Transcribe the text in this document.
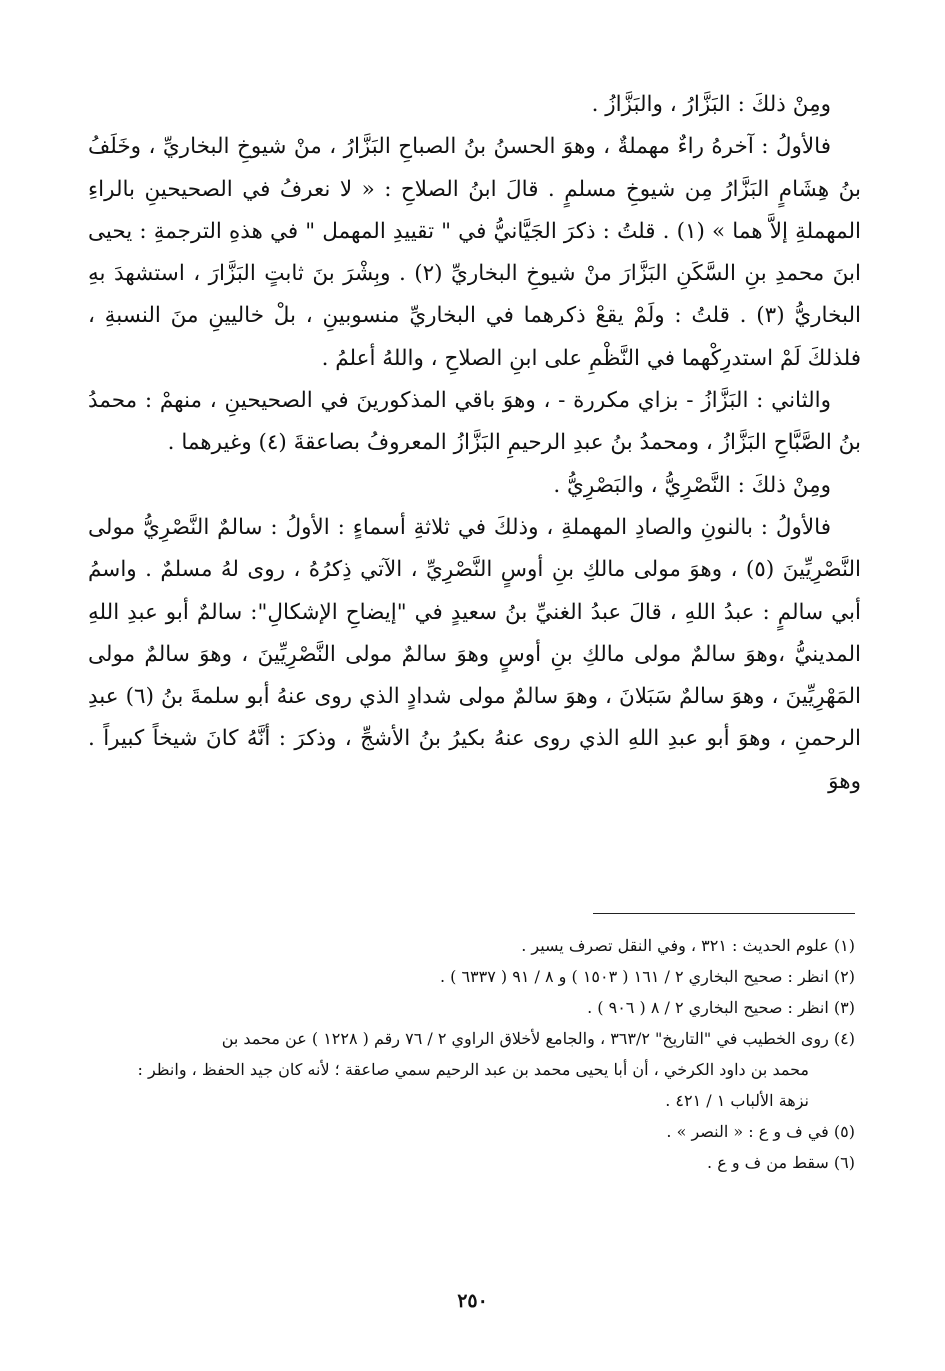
ومِنْ ذلكَ : البَزَّارُ ، والبَزَّازُ .

فالأولُ : آخرهُ راءٌ مهملةٌ ، وهوَ الحسنُ بنُ الصباحِ البَزَّارُ ، منْ شيوخِ البخاريِّ ، وخَلَفُ بنُ هِشَامٍ البَزَّارُ مِن شيوخِ مسلمٍ . قالَ ابنُ الصلاحِ : « لا نعرفُ في الصحيحينِ بالراءِ المهملةِ إلاَّ هما » (١) . قلتُ : ذكرَ الجَيَّانيُّ في " تقييدِ المهمل " في هذهِ الترجمةِ : يحيى ابنَ محمدِ بنِ السَّكَنِ البَزَّارَ منْ شيوخِ البخاريِّ (٢) . وبِشْرَ بنَ ثابتٍ البَزَّارَ ، استشهدَ بهِ البخاريُّ (٣) . قلتُ : ولَمْ يقعْ ذكرهما في البخاريِّ منسوبينِ ، بلْ خاليينِ منَ النسبةِ ، فلذلكَ لَمْ استدرِكْهما في النَّظْمِ على ابنِ الصلاحِ ، واللهُ أعلمُ .

والثاني : البَزَّازُ - بزاي مكررة - ، وهوَ باقي المذكورينَ في الصحيحينِ ، منهمْ : محمدُ بنُ الصَّبَّاحِ البَزَّازُ ، ومحمدُ بنُ عبدِ الرحيمِ البَزَّازُ المعروفُ بصاعقةَ (٤) وغيرهما .

ومِنْ ذلكَ : النَّصْرِيُّ ، والبَصْرِيُّ .

فالأولُ : بالنونِ والصادِ المهملةِ ، وذلكَ في ثلاثةِ أسماءٍ : الأولُ : سالمٌ النَّصْرِيُّ مولى النَّصْرِيِّينَ (٥) ، وهوَ مولى مالكِ بنِ أوسٍ النَّصْرِيِّ ، الآتي ذِكرُهُ ، روى لهُ مسلمٌ . واسمُ أبي سالمٍ : عبدُ اللهِ ، قالَ عبدُ الغنيِّ بنُ سعيدٍ في "إيضاحِ الإشكالِ": سالمٌ أبو عبدِ اللهِ المدينيُّ ،وهوَ سالمٌ مولى مالكِ بنِ أوسٍ وهوَ سالمٌ مولى النَّصْرِيِّينَ ، وهوَ سالمٌ مولى المَهْرِيِّينَ ، وهوَ سالمٌ سَبَلانَ ، وهوَ سالمٌ مولى شدادٍ الذي روى عنهُ أبو سلمةَ بنُ (٦) عبدِ الرحمنِ ، وهوَ أبو عبدِ اللهِ الذي روى عنهُ بكيرُ بنُ الأشجِّ ، وذكرَ : أنَّهُ كانَ شيخاً كبيراً . وهوَ

(١) علوم الحديث : ٣٢١ ، وفي النقل تصرف يسير .

(٢) انظر : صحيح البخاري ٢ / ١٦١ ( ١٥٠٣ ) و ٨ / ٩١ ( ٦٣٣٧ ) .

(٣) انظر : صحيح البخاري ٢ / ٨ ( ٩٠٦ ) .

(٤) روى الخطيب في "التاريخ" ٣٦٣/٢ ، والجامع لأخلاق الراوي ٢ / ٧٦ رقم ( ١٢٢٨ ) عن محمد بن

محمد بن داود الكرخي ، أن أبا يحيى محمد بن عبد الرحيم سمي صاعقة ؛ لأنه كان جيد الحفظ ، وانظر :

نزهة الألباب ١ / ٤٢١ .

(٥) في ف و ع : « النصر » .

(٦) سقط من ف و ع .

٢٥٠
